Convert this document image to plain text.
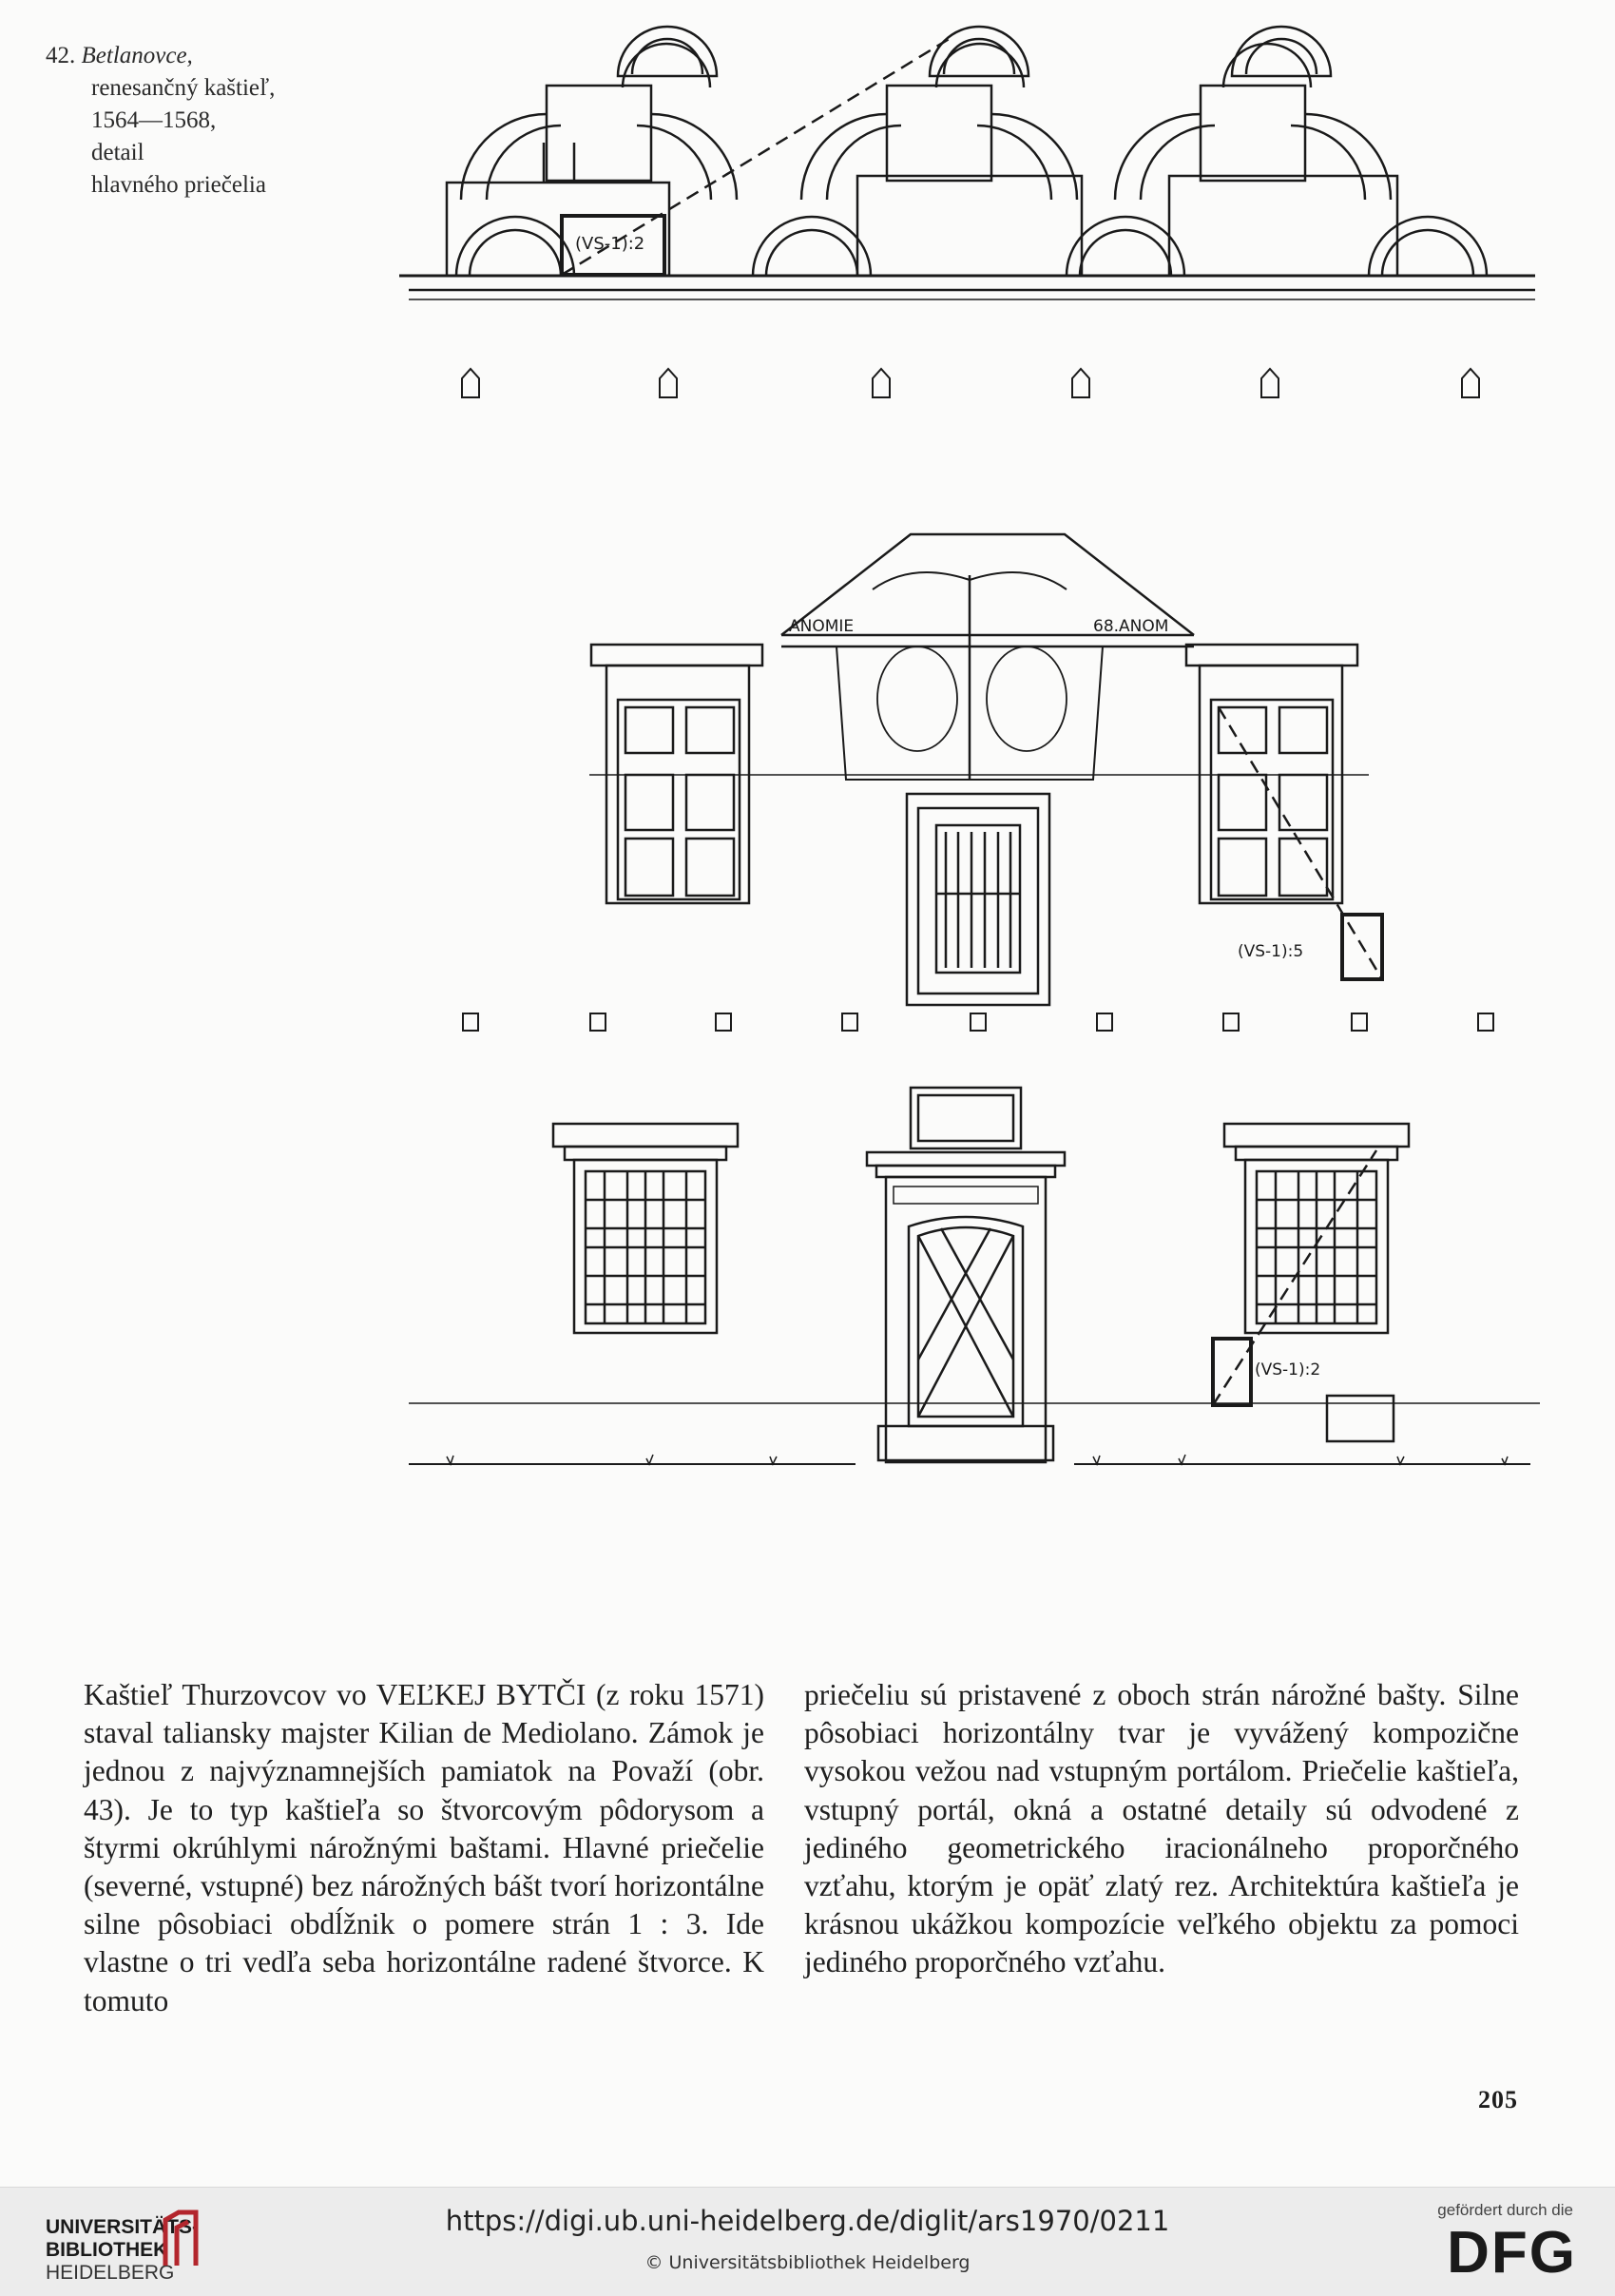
42. Betlanovce,
renesančný kaštieľ,
1564—1568,
detail
hlavného priečelia
(VS-1):2
ANOMIE	68.ANOM
(VS-1):5
(VS-1):2

Kaštieľ Thurzovcov vo VEĽKEJ BYTČI (z roku 1571) staval taliansky majster Kilian de Mediolano. Zámok je jednou z najvýznamnejších pamiatok na Považí (obr. 43). Je to typ kaštieľa so štvorcovým pôdorysom a štyrmi okrúhlymi nárožnými baštami. Hlavné priečelie (severné, vstupné) bez nárožných bášt tvorí horizontálne silne pôsobiaci obdĺžnik o pomere strán 1 : 3. Ide vlastne o tri vedľa seba horizontálne radené štvorce. K tomuto

priečeliu sú pristavené z oboch strán nárožné bašty. Silne pôsobiaci horizontálny tvar je vyvážený kompozične vysokou vežou nad vstupným portálom. Priečelie kaštieľa, vstupný portál, okná a ostatné detaily sú odvodené z jediného geometrického iracionálneho proporčného vzťahu, ktorým je opäť zlatý rez. Architektúra kaštieľa je krásnou ukážkou kompozície veľkého objektu za pomoci jediného proporčného vzťahu.

205
UNIVERSITÄTS-
BIBLIOTHEK
HEIDELBERG
https://digi.ub.uni-heidelberg.de/diglit/ars1970/0211
© Universitätsbibliothek Heidelberg
gefördert durch die
DFG
